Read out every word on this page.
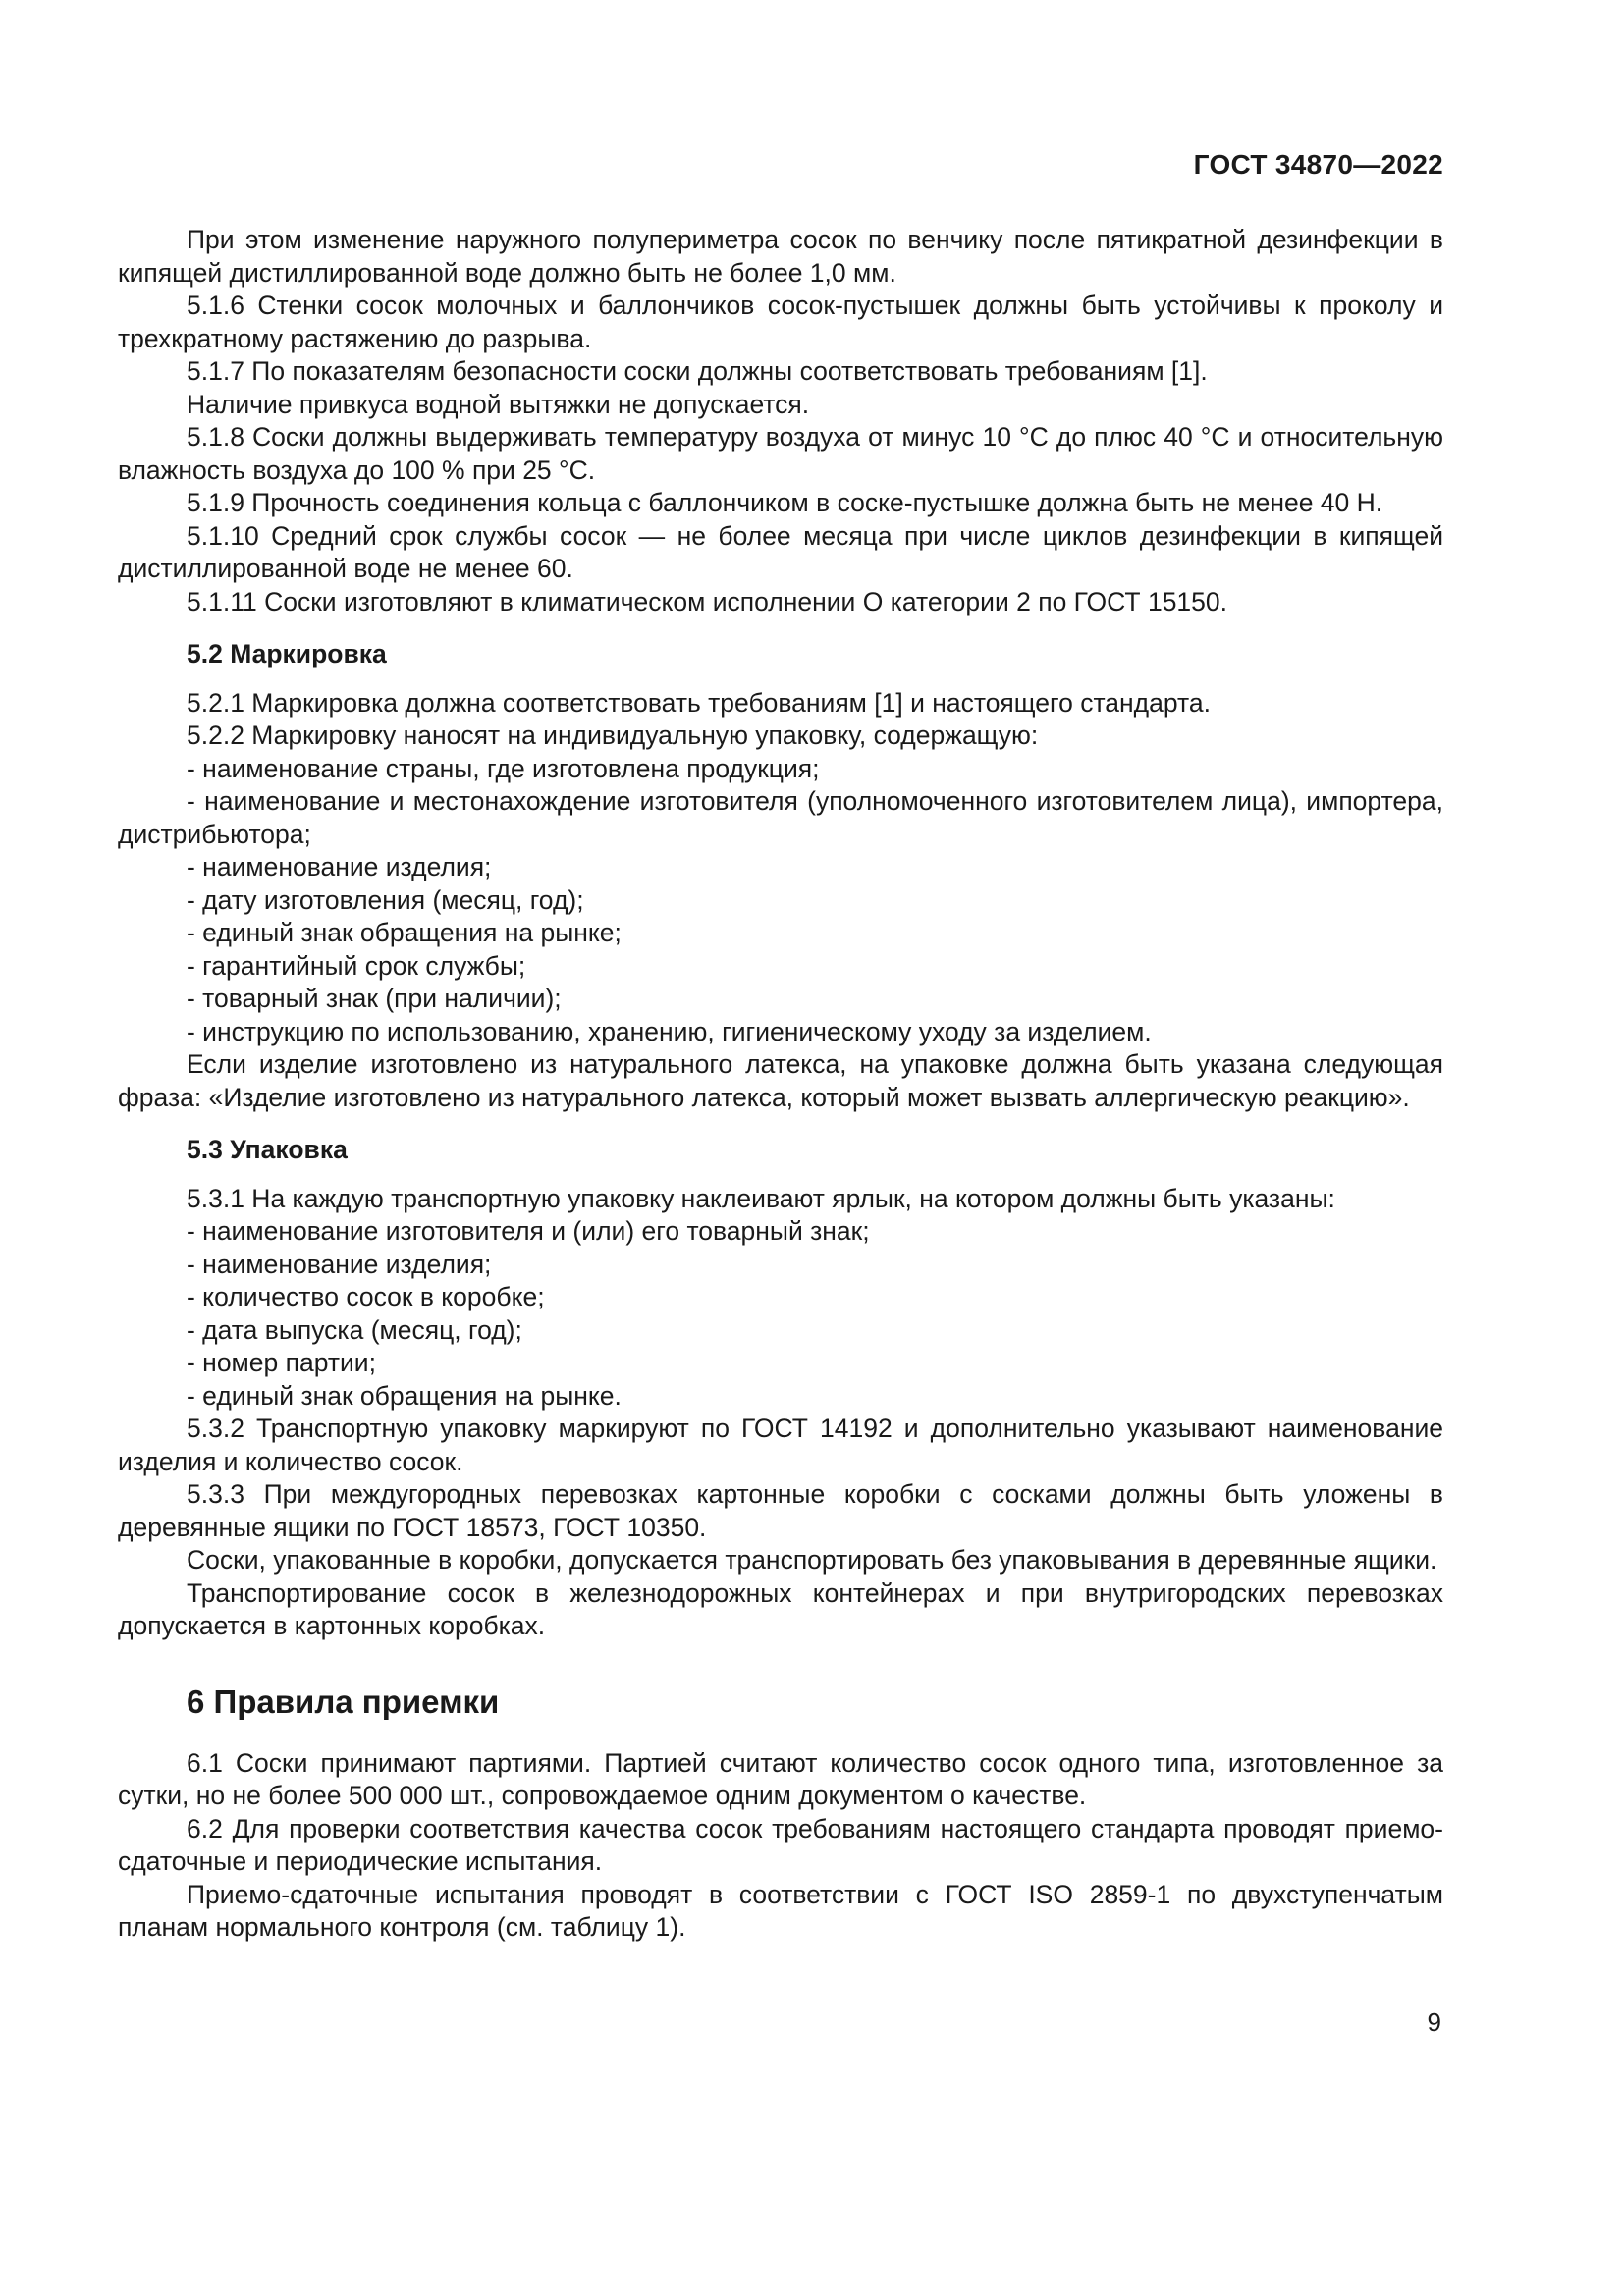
ГОСТ 34870—2022

При этом изменение наружного полупериметра сосок по венчику после пятикратной дезинфекции в кипящей дистиллированной воде должно быть не более 1,0 мм.

5.1.6 Стенки сосок молочных и баллончиков сосок-пустышек должны быть устойчивы к проколу и трехкратному растяжению до разрыва.

5.1.7 По показателям безопасности соски должны соответствовать требованиям [1].

Наличие привкуса водной вытяжки не допускается.

5.1.8 Соски должны выдерживать температуру воздуха от минус 10 °С до плюс 40 °С и относительную влажность воздуха до 100 % при 25 °С.

5.1.9 Прочность соединения кольца с баллончиком в соске-пустышке должна быть не менее 40 Н.

5.1.10 Средний срок службы сосок — не более месяца при числе циклов дезинфекции в кипящей дистиллированной воде не менее 60.

5.1.11 Соски изготовляют в климатическом исполнении О категории 2 по ГОСТ 15150.

5.2 Маркировка

5.2.1 Маркировка должна соответствовать требованиям [1] и настоящего стандарта.

5.2.2 Маркировку наносят на индивидуальную упаковку, содержащую:

- наименование страны, где изготовлена продукция;

- наименование и местонахождение изготовителя (уполномоченного изготовителем лица), импортера, дистрибьютора;

- наименование изделия;

- дату изготовления (месяц, год);

- единый знак обращения на рынке;

- гарантийный срок службы;

- товарный знак (при наличии);

- инструкцию по использованию, хранению, гигиеническому уходу за изделием.

Если изделие изготовлено из натурального латекса, на упаковке должна быть указана следующая фраза: «Изделие изготовлено из натурального латекса, который может вызвать аллергическую реакцию».

5.3 Упаковка

5.3.1 На каждую транспортную упаковку наклеивают ярлык, на котором должны быть указаны:

- наименование изготовителя и (или) его товарный знак;

- наименование изделия;

- количество сосок в коробке;

- дата выпуска (месяц, год);

- номер партии;

- единый знак обращения на рынке.

5.3.2 Транспортную упаковку маркируют по ГОСТ 14192 и дополнительно указывают наименование изделия и количество сосок.

5.3.3 При междугородных перевозках картонные коробки с сосками должны быть уложены в деревянные ящики по ГОСТ 18573, ГОСТ 10350.

Соски, упакованные в коробки, допускается транспортировать без упаковывания в деревянные ящики.

Транспортирование сосок в железнодорожных контейнерах и при внутригородских перевозках допускается в картонных коробках.

6 Правила приемки

6.1 Соски принимают партиями. Партией считают количество сосок одного типа, изготовленное за сутки, но не более 500 000 шт., сопровождаемое одним документом о качестве.

6.2 Для проверки соответствия качества сосок требованиям настоящего стандарта проводят приемо-сдаточные и периодические испытания.

Приемо-сдаточные испытания проводят в соответствии с ГОСТ ISO 2859-1 по двухступенчатым планам нормального контроля (см. таблицу 1).

9
